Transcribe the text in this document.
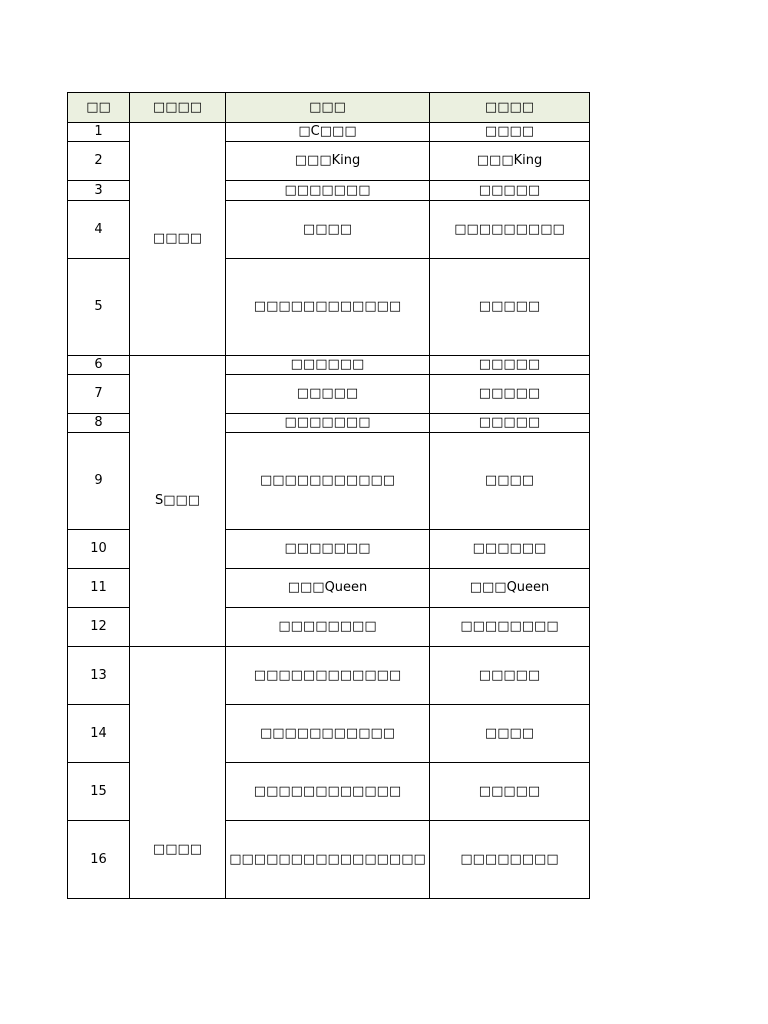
□□	□□□□	□□□	□□□□
1	□□□□	□C□□□	□□□□
2		□□□King	□□□King
3		□□□□□□□	□□□□□
4		□□□□	□□□□□□□□□
5		□□□□□□□□□□□□	□□□□□
6	S□□□	□□□□□□	□□□□□
7		□□□□□	□□□□□
8		□□□□□□□	□□□□□
9		□□□□□□□□□□□	□□□□
10		□□□□□□□	□□□□□□
11		□□□Queen	□□□Queen
12		□□□□□□□□	□□□□□□□□
13	□□□□	□□□□□□□□□□□□	□□□□□
14		□□□□□□□□□□□	□□□□
15		□□□□□□□□□□□□	□□□□□
16		□□□□□□□□□□□□□□□□	□□□□□□□□
